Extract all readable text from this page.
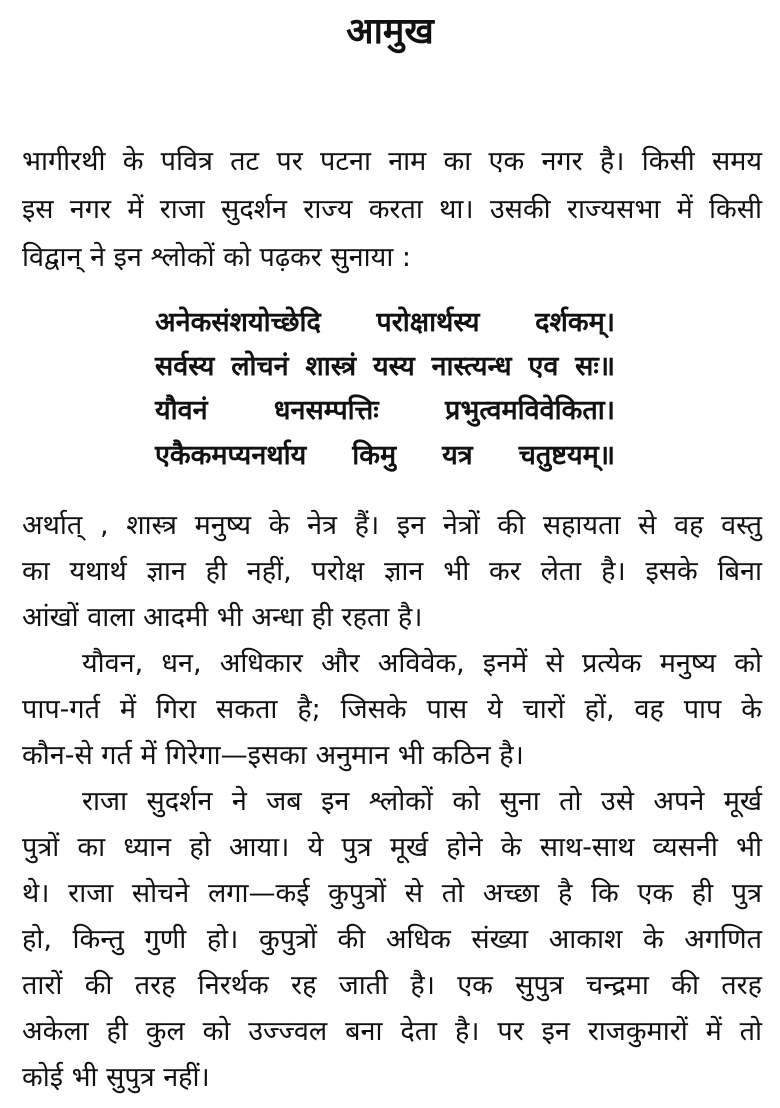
आमुख
भागीरथी के पवित्र तट पर पटना नाम का एक नगर है। किसी समय
इस नगर में राजा सुदर्शन राज्य करता था। उसकी राज्यसभा में किसी
विद्वान् ने इन श्लोकों को पढ़कर सुनाया :
अनेकसंशयोच्छेदि परोक्षार्थस्य दर्शकम्।
सर्वस्य लोचनं शास्त्रं यस्य नास्त्यन्ध एव सः॥
यौवनं धनसम्पत्तिः प्रभुत्वमविवेकिता।
एकैकमप्यनर्थाय किमु यत्र चतुष्टयम्॥
अर्थात् , शास्त्र मनुष्य के नेत्र हैं। इन नेत्रों की सहायता से वह वस्तु
का यथार्थ ज्ञान ही नहीं, परोक्ष ज्ञान भी कर लेता है। इसके बिना
आंखों वाला आदमी भी अन्धा ही रहता है।
यौवन, धन, अधिकार और अविवेक, इनमें से प्रत्येक मनुष्य को
पाप-गर्त में गिरा सकता है; जिसके पास ये चारों हों, वह पाप के
कौन-से गर्त में गिरेगा—इसका अनुमान भी कठिन है।
राजा सुदर्शन ने जब इन श्लोकों को सुना तो उसे अपने मूर्ख
पुत्रों का ध्यान हो आया। ये पुत्र मूर्ख होने के साथ-साथ व्यसनी भी
थे। राजा सोचने लगा—कई कुपुत्रों से तो अच्छा है कि एक ही पुत्र
हो, किन्तु गुणी हो। कुपुत्रों की अधिक संख्या आकाश के अगणित
तारों की तरह निरर्थक रह जाती है। एक सुपुत्र चन्द्रमा की तरह
अकेला ही कुल को उज्ज्वल बना देता है। पर इन राजकुमारों में तो
कोई भी सुपुत्र नहीं।
